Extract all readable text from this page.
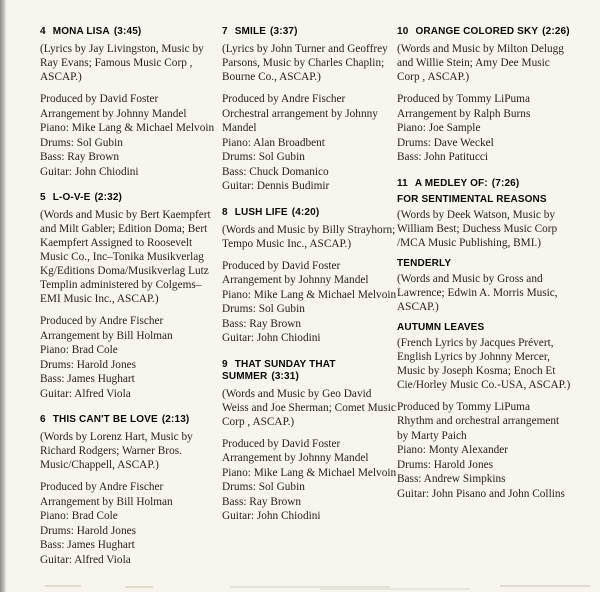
4 MONA LISA (3:45)

(Lyrics by Jay Livingston, Music by Ray Evans; Famous Music Corp , ASCAP.)

Produced by David Foster
Arrangement by Johnny Mandel
Piano: Mike Lang & Michael Melvoin
Drums: Sol Gubin
Bass: Ray Brown
Guitar: John Chiodini
5 L-O-V-E (2:32)

(Words and Music by Bert Kaempfert and Milt Gabler; Edition Doma; Bert Kaempfert Assigned to Roosevelt Music Co., Inc–Tonika Musikverlag Kg/Editions Doma/Musikverlag Lutz Templin administered by Colgems–EMI Music Inc., ASCAP.)

Produced by Andre Fischer
Arrangement by Bill Holman
Piano: Brad Cole
Drums: Harold Jones
Bass: James Hughart
Guitar: Alfred Viola
6 THIS CAN'T BE LOVE (2:13)

(Words by Lorenz Hart, Music by Richard Rodgers; Warner Bros. Music/Chappell, ASCAP.)

Produced by Andre Fischer
Arrangement by Bill Holman
Piano: Brad Cole
Drums: Harold Jones
Bass: James Hughart
Guitar: Alfred Viola
7 SMILE (3:37)

(Lyrics by John Turner and Geoffrey Parsons, Music by Charles Chaplin; Bourne Co., ASCAP.)

Produced by Andre Fischer
Orchestral arrangement by Johnny Mandel
Piano: Alan Broadbent
Drums: Sol Gubin
Bass: Chuck Domanico
Guitar: Dennis Budimir
8 LUSH LIFE (4:20)

(Words and Music by Billy Strayhorn; Tempo Music Inc., ASCAP.)

Produced by David Foster
Arrangement by Johnny Mandel
Piano: Mike Lang & Michael Melvoin
Drums: Sol Gubin
Bass: Ray Brown
Guitar: John Chiodini
9 THAT SUNDAY THAT SUMMER (3:31)

(Words and Music by Geo David Weiss and Joe Sherman; Comet Music Corp , ASCAP.)

Produced by David Foster
Arrangement by Johnny Mandel
Piano: Mike Lang & Michael Melvoin
Drums: Sol Gubin
Bass: Ray Brown
Guitar: John Chiodini
10 ORANGE COLORED SKY (2:26)

(Words and Music by Milton Delugg and Willie Stein; Amy Dee Music Corp , ASCAP.)

Produced by Tommy LiPuma
Arrangement by Ralph Burns
Piano: Joe Sample
Drums: Dave Weckel
Bass: John Patitucci
11 A MEDLEY OF: (7:26)
FOR SENTIMENTAL REASONS

(Words by Deek Watson, Music by William Best; Duchess Music Corp /MCA Music Publishing, BMI.)

TENDERLY

(Words and Music by Gross and Lawrence; Edwin A. Morris Music, ASCAP.)

AUTUMN LEAVES

(French Lyrics by Jacques Prévert, English Lyrics by Johnny Mercer, Music by Joseph Kosma; Enoch Et Cie/Horley Music Co.-USA, ASCAP.)

Produced by Tommy LiPuma
Rhythm and orchestral arrangement by Marty Paich
Piano: Monty Alexander
Drums: Harold Jones
Bass: Andrew Simpkins
Guitar: John Pisano and John Collins
